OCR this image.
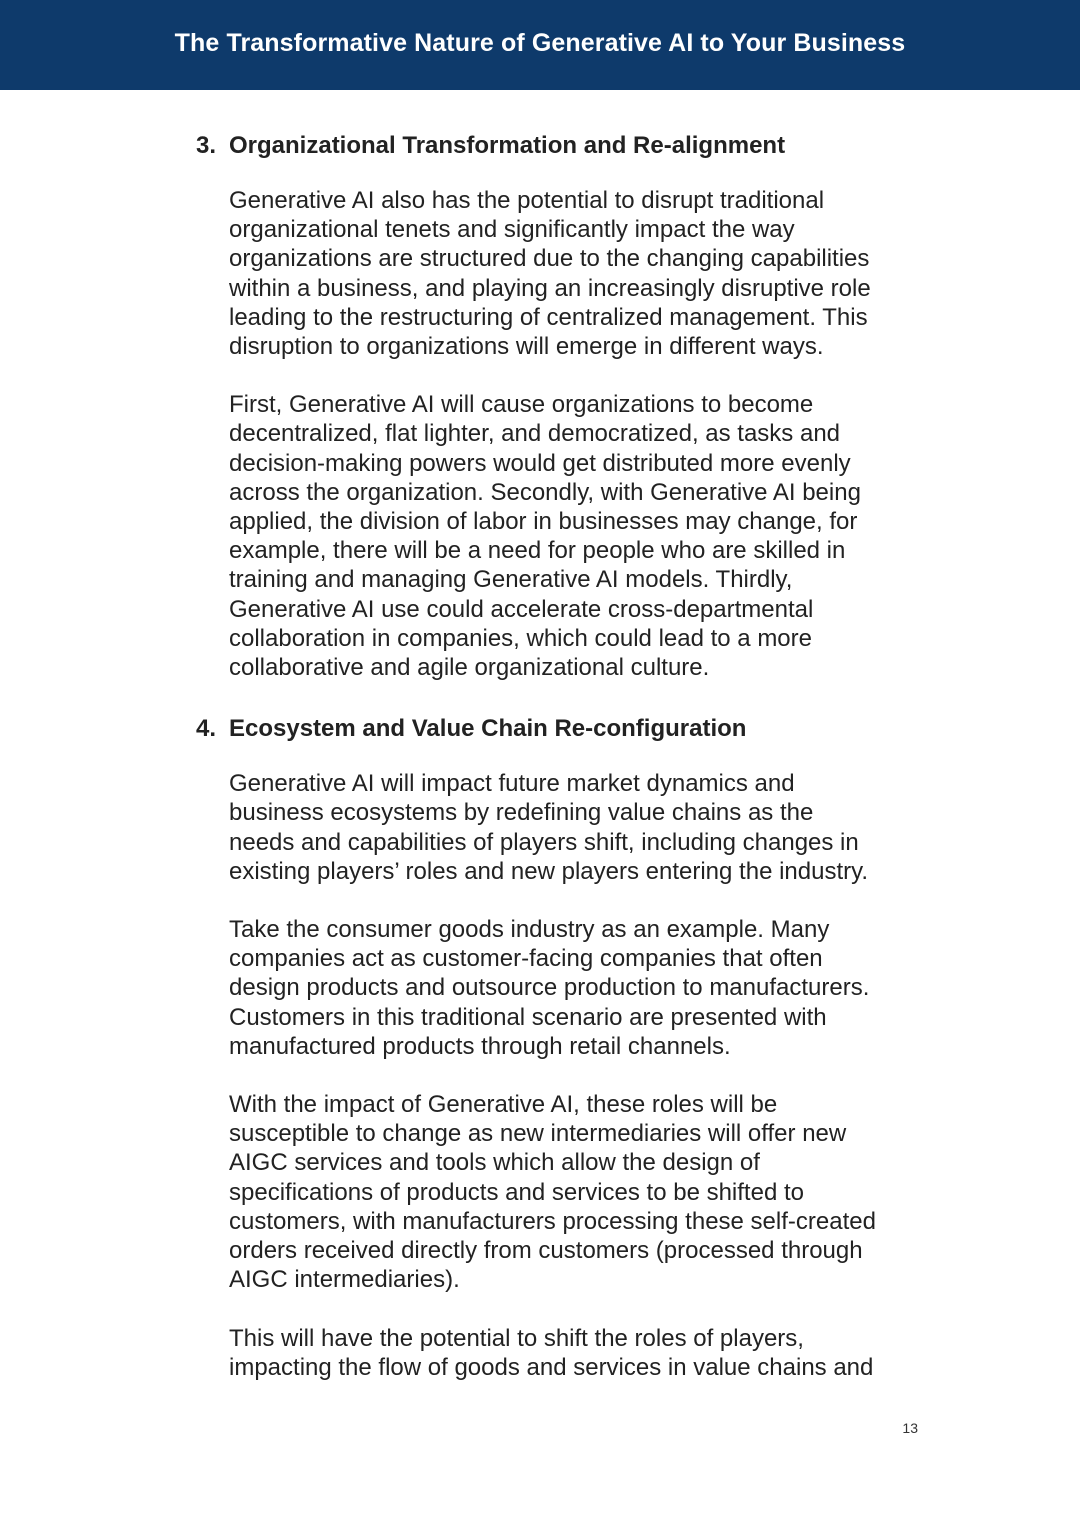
The Transformative Nature of Generative AI to Your Business
3. Organizational Transformation and Re-alignment

Generative AI also has the potential to disrupt traditional
organizational tenets and significantly impact the way
organizations are structured due to the changing capabilities
within a business, and playing an increasingly disruptive role
leading to the restructuring of centralized management. This
disruption to organizations will emerge in different ways.

First, Generative AI will cause organizations to become
decentralized, flat lighter, and democratized, as tasks and
decision-making powers would get distributed more evenly
across the organization. Secondly, with Generative AI being
applied, the division of labor in businesses may change, for
example, there will be a need for people who are skilled in
training and managing Generative AI models. Thirdly,
Generative AI use could accelerate cross-departmental
collaboration in companies, which could lead to a more
collaborative and agile organizational culture.

4. Ecosystem and Value Chain Re-configuration

Generative AI will impact future market dynamics and
business ecosystems by redefining value chains as the
needs and capabilities of players shift, including changes in
existing players’ roles and new players entering the industry.

Take the consumer goods industry as an example. Many
companies act as customer-facing companies that often
design products and outsource production to manufacturers.
Customers in this traditional scenario are presented with
manufactured products through retail channels.

With the impact of Generative AI, these roles will be
susceptible to change as new intermediaries will offer new
AIGC services and tools which allow the design of
specifications of products and services to be shifted to
customers, with manufacturers processing these self-created
orders received directly from customers (processed through
AIGC intermediaries).

This will have the potential to shift the roles of players,
impacting the flow of goods and services in value chains and

13
